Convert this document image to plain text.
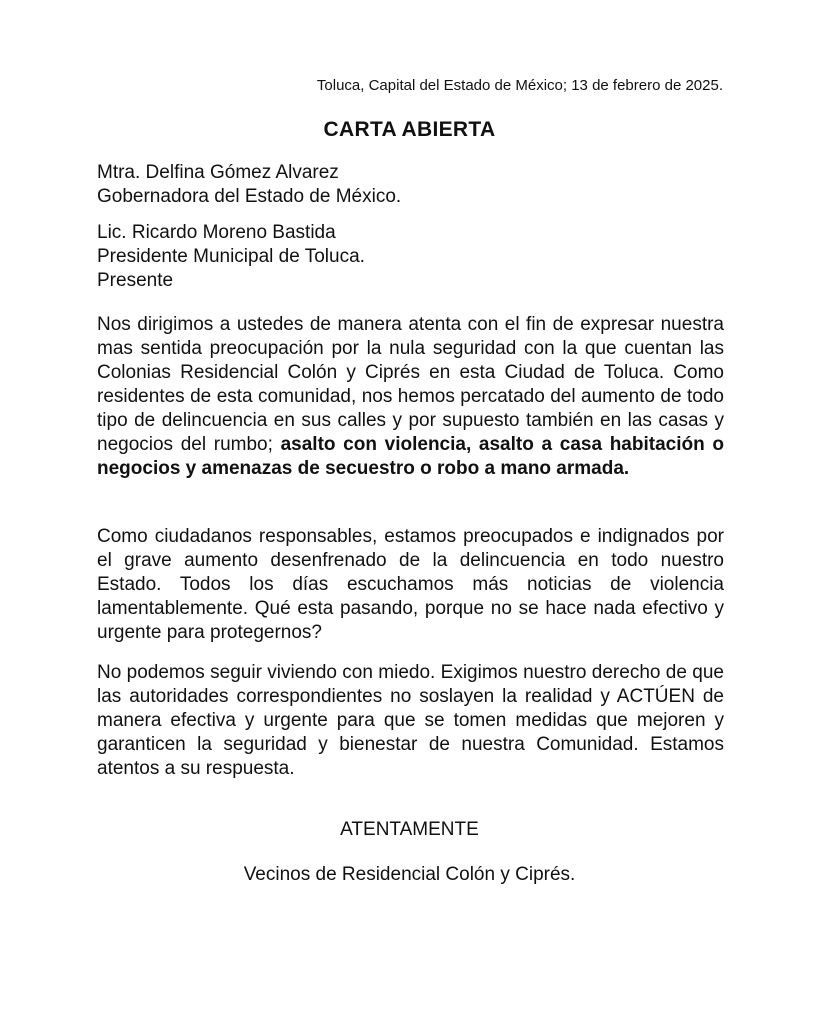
Toluca, Capital del Estado de México; 13 de febrero de 2025.
CARTA ABIERTA
Mtra. Delfina Gómez Alvarez
Gobernadora del Estado de México.
Lic. Ricardo Moreno Bastida
Presidente Municipal de Toluca.
Presente
Nos dirigimos a ustedes de manera atenta con el fin de expresar nuestra mas sentida preocupación por la nula seguridad con la que cuentan las Colonias Residencial Colón y Ciprés en esta Ciudad de Toluca. Como residentes de esta comunidad, nos hemos percatado del aumento de todo tipo de delincuencia en sus calles y por supuesto también en las casas y negocios del rumbo; asalto con violencia, asalto a casa habitación o negocios y amenazas de secuestro o robo a mano armada.
Como ciudadanos responsables, estamos preocupados e indignados por el grave aumento desenfrenado de la delincuencia en todo nuestro Estado. Todos los días escuchamos más noticias de violencia lamentablemente. Qué esta pasando, porque no se hace nada efectivo y urgente para protegernos?
No podemos seguir viviendo con miedo. Exigimos nuestro derecho de que las autoridades correspondientes no soslayen la realidad y ACTÚEN de manera efectiva y urgente para que se tomen medidas que mejoren y garanticen la seguridad y bienestar de nuestra Comunidad. Estamos atentos a su respuesta.
ATENTAMENTE
Vecinos de Residencial Colón y Ciprés.
